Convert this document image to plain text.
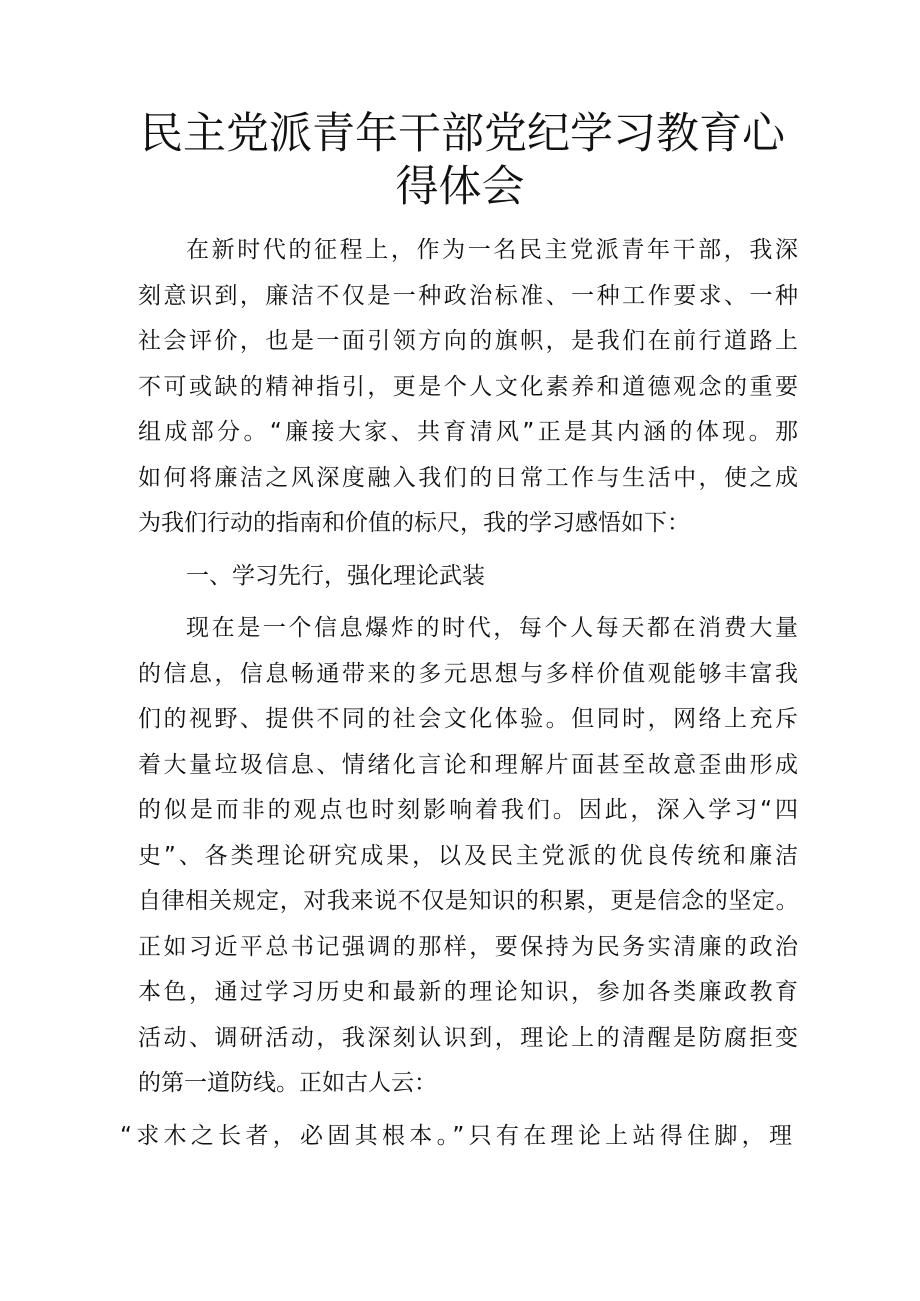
民主党派青年干部党纪学习教育心
得体会
在新时代的征程上，作为一名民主党派青年干部，我深
刻意识到，廉洁不仅是一种政治标准、一种工作要求、一种
社会评价，也是一面引领方向的旗帜，是我们在前行道路上
不可或缺的精神指引，更是个人文化素养和道德观念的重要
组成部分。“廉接大家、共育清风”正是其内涵的体现。那
如何将廉洁之风深度融入我们的日常工作与生活中，使之成
为我们行动的指南和价值的标尺，我的学习感悟如下：
一、学习先行，强化理论武装
现在是一个信息爆炸的时代，每个人每天都在消费大量
的信息，信息畅通带来的多元思想与多样价值观能够丰富我
们的视野、提供不同的社会文化体验。但同时，网络上充斥
着大量垃圾信息、情绪化言论和理解片面甚至故意歪曲形成
的似是而非的观点也时刻影响着我们。因此，深入学习“四
史”、各类理论研究成果，以及民主党派的优良传统和廉洁
自律相关规定，对我来说不仅是知识的积累，更是信念的坚定。
正如习近平总书记强调的那样，要保持为民务实清廉的政治
本色，通过学习历史和最新的理论知识，参加各类廉政教育
活动、调研活动，我深刻认识到，理论上的清醒是防腐拒变
的第一道防线。正如古人云：
“求木之长者，必固其根本。”只有在理论上站得住脚，理
